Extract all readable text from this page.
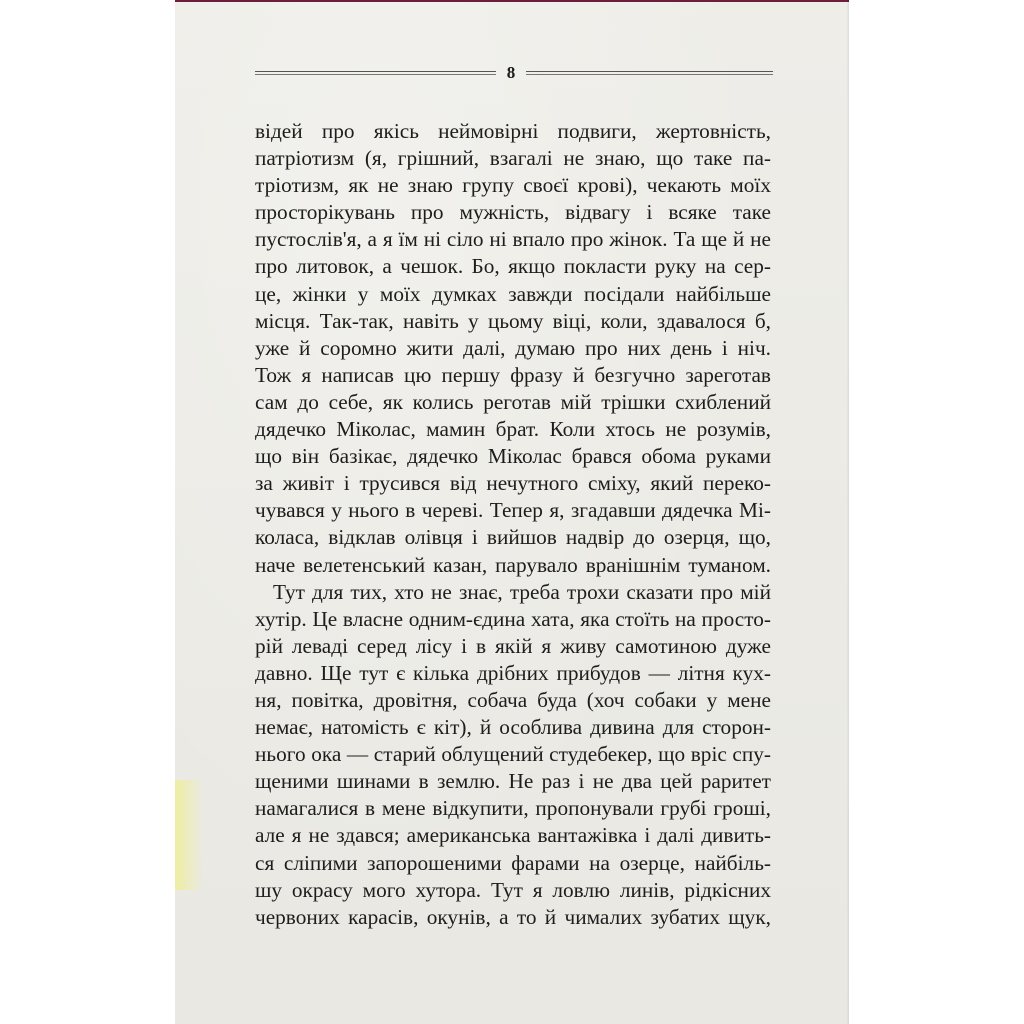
8
відей про якісь неймовірні подвиги, жертовність,
патріотизм (я, грішний, взагалі не знаю, що таке па-
тріотизм, як не знаю групу своєї крові), чекають моїх
просторікувань про мужність, відвагу і всяке таке
пустослів'я, а я їм ні сіло ні впало про жінок. Та ще й не
про литовок, а чешок. Бо, якщо покласти руку на сер-
це, жінки у моїх думках завжди посідали найбільше
місця. Так-так, навіть у цьому віці, коли, здавалося б,
уже й соромно жити далі, думаю про них день і ніч.
Тож я написав цю першу фразу й безгучно зареготав
сам до себе, як колись реготав мій трішки схиблений
дядечко Міколас, мамин брат. Коли хтось не розумів,
що він базікає, дядечко Міколас брався обома руками
за живіт і трусився від нечутного сміху, який переко-
чувався у нього в череві. Тепер я, згадавши дядечка Мі-
коласа, відклав олівця і вийшов надвір до озерця, що,
наче велетенський казан, парувало вранішнім туманом.
Тут для тих, хто не знає, треба трохи сказати про мій
хутір. Це власне одним-єдина хата, яка стоїть на просто-
рій леваді серед лісу і в якій я живу самотиною дуже
давно. Ще тут є кілька дрібних прибудов — літня кух-
ня, повітка, дровітня, собача буда (хоч собаки у мене
немає, натомість є кіт), й особлива дивина для сторон-
нього ока — старий облущений студебекер, що вріс спу-
щеними шинами в землю. Не раз і не два цей раритет
намагалися в мене відкупити, пропонували грубі гроші,
але я не здався; американська вантажівка і далі дивить-
ся сліпими запорошеними фарами на озерце, найбіль-
шу окрасу мого хутора. Тут я ловлю линів, рідкісних
червоних карасів, окунів, а то й чималих зубатих щук,
